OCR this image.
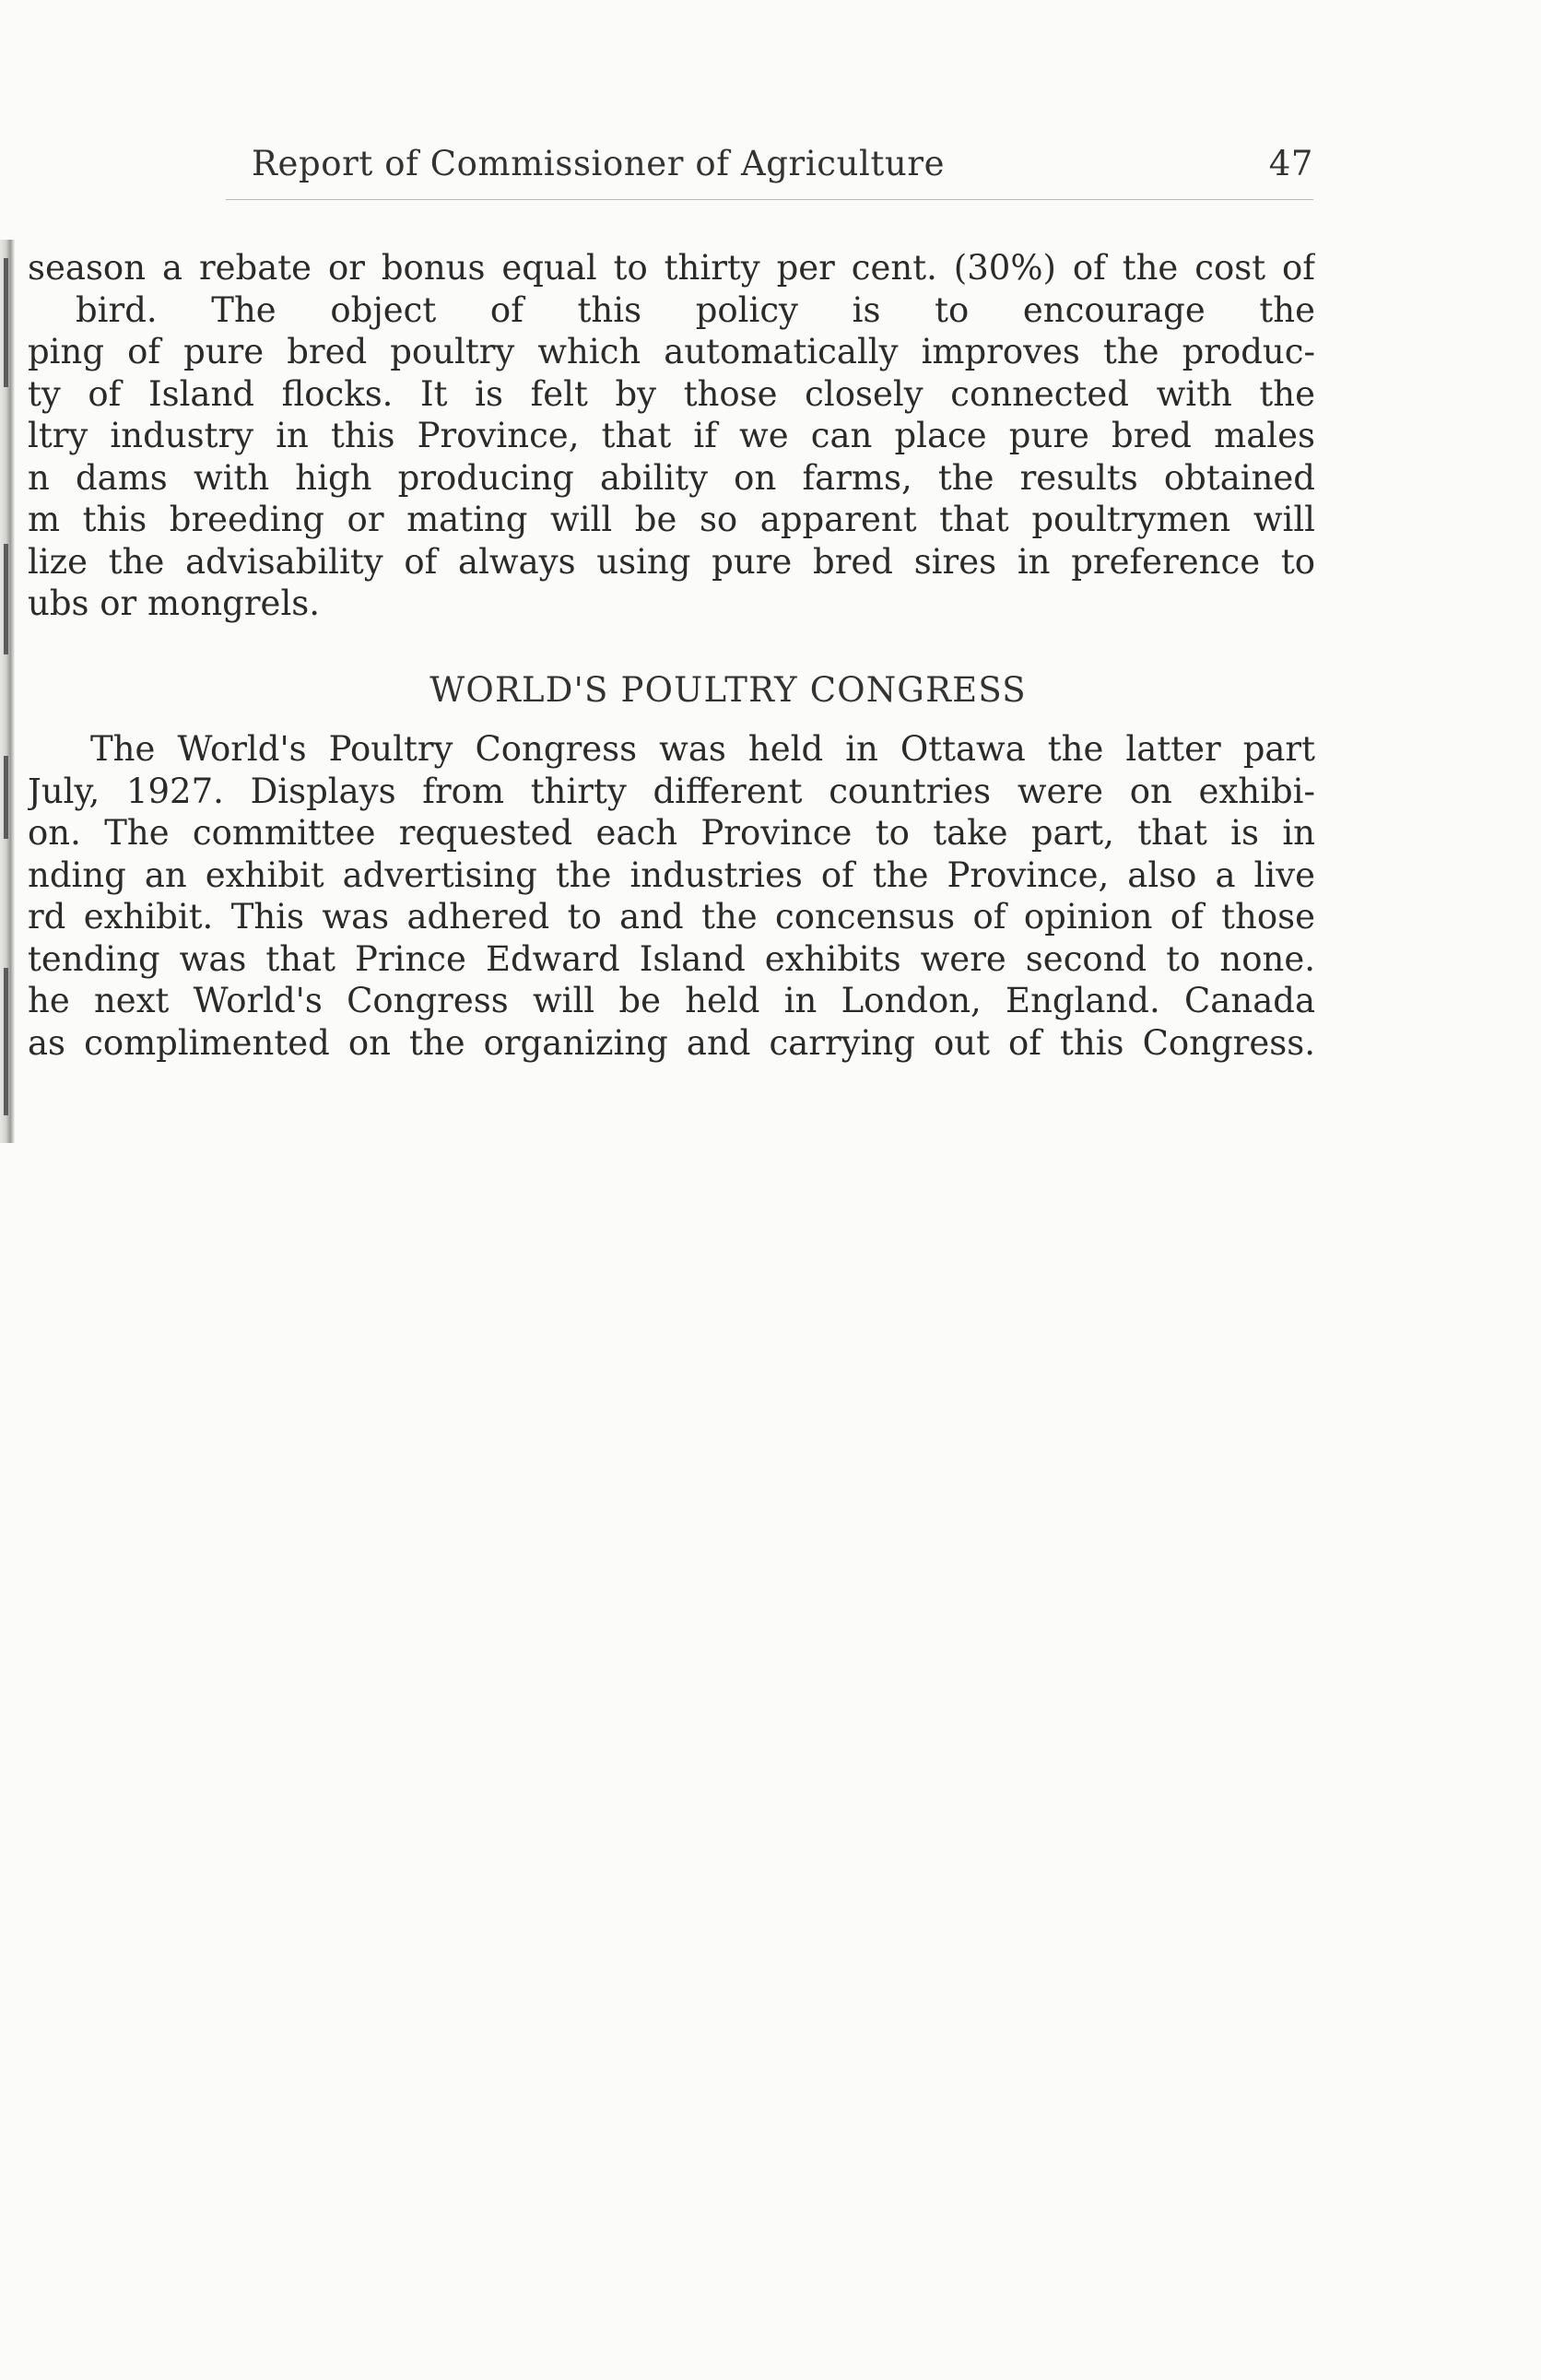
Report of Commissioner of Agriculture	47
season a rebate or bonus equal to thirty per cent. (30%) of the cost of
bird. The object of this policy is to encourage the
ping of pure bred poultry which automatically improves the produc-
ty of Island flocks. It is felt by those closely connected with the
ltry industry in this Province, that if we can place pure bred males
n dams with high producing ability on farms, the results obtained
m this breeding or mating will be so apparent that poultrymen will
lize the advisability of always using pure bred sires in preference to
ubs or mongrels.
WORLD'S POULTRY CONGRESS
The World's Poultry Congress was held in Ottawa the latter part
July, 1927. Displays from thirty different countries were on exhibi-
on. The committee requested each Province to take part, that is in
nding an exhibit advertising the industries of the Province, also a live
rd exhibit. This was adhered to and the concensus of opinion of those
tending was that Prince Edward Island exhibits were second to none.
he next World's Congress will be held in London, England. Canada
as complimented on the organizing and carrying out of this Congress.
